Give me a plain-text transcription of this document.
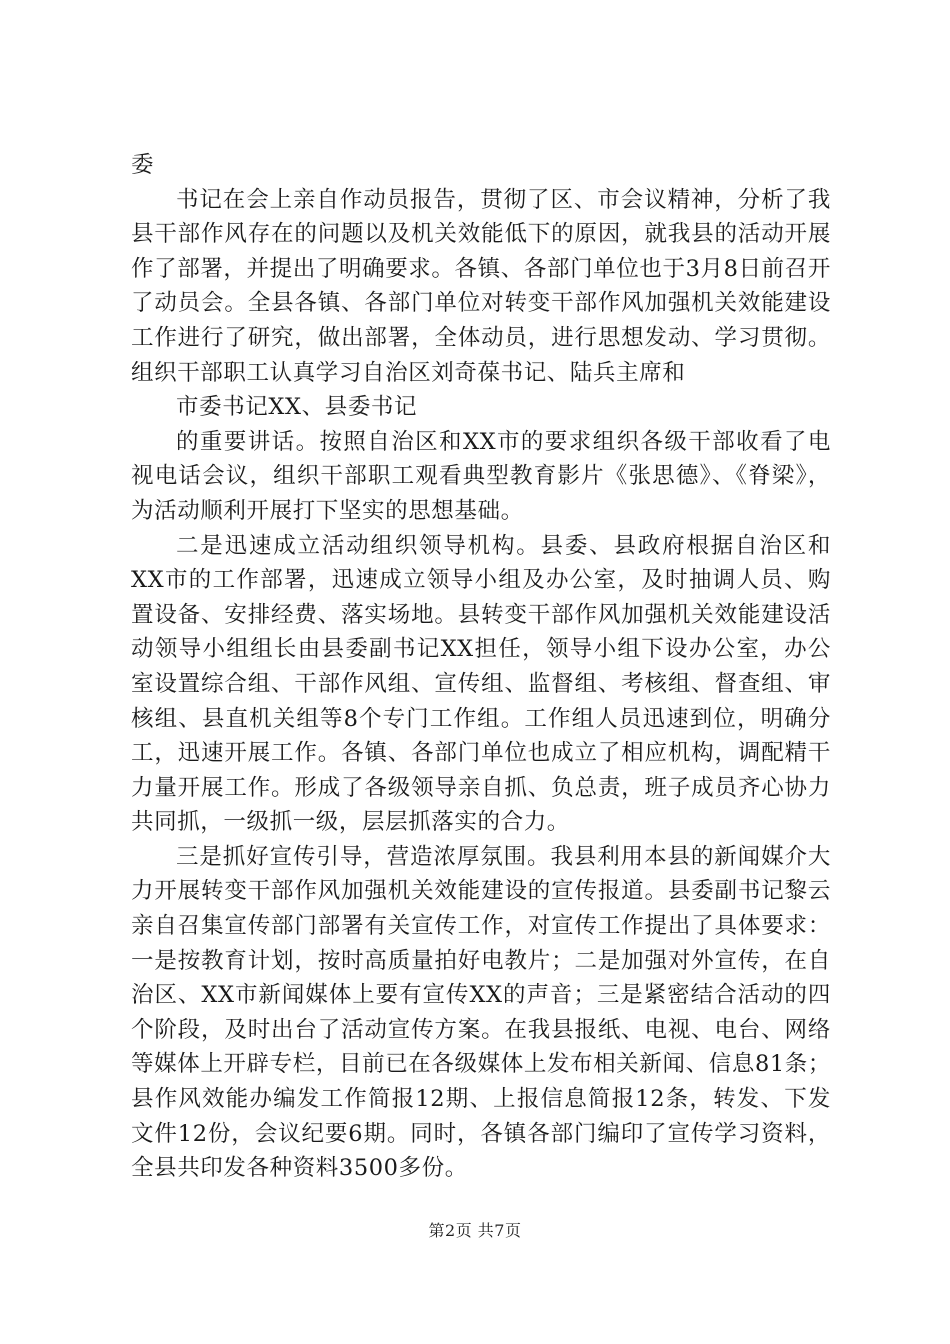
委

书记在会上亲自作动员报告，贯彻了区、市会议精神，分析了我县干部作风存在的问题以及机关效能低下的原因，就我县的活动开展作了部署，并提出了明确要求。各镇、各部门单位也于3月8日前召开了动员会。全县各镇、各部门单位对转变干部作风加强机关效能建设工作进行了研究，做出部署，全体动员，进行思想发动、学习贯彻。组织干部职工认真学习自治区刘奇葆书记、陆兵主席和

市委书记XX、县委书记

的重要讲话。按照自治区和XX市的要求组织各级干部收看了电视电话会议，组织干部职工观看典型教育影片《张思德》、《脊梁》，为活动顺利开展打下坚实的思想基础。

二是迅速成立活动组织领导机构。县委、县政府根据自治区和XX市的工作部署，迅速成立领导小组及办公室，及时抽调人员、购置设备、安排经费、落实场地。县转变干部作风加强机关效能建设活动领导小组组长由县委副书记XX担任，领导小组下设办公室，办公室设置综合组、干部作风组、宣传组、监督组、考核组、督查组、审核组、县直机关组等8个专门工作组。工作组人员迅速到位，明确分工，迅速开展工作。各镇、各部门单位也成立了相应机构，调配精干力量开展工作。形成了各级领导亲自抓、负总责，班子成员齐心协力共同抓，一级抓一级，层层抓落实的合力。

三是抓好宣传引导，营造浓厚氛围。我县利用本县的新闻媒介大力开展转变干部作风加强机关效能建设的宣传报道。县委副书记黎云亲自召集宣传部门部署有关宣传工作，对宣传工作提出了具体要求：一是按教育计划，按时高质量拍好电教片；二是加强对外宣传，在自治区、XX市新闻媒体上要有宣传XX的声音；三是紧密结合活动的四个阶段，及时出台了活动宣传方案。在我县报纸、电视、电台、网络等媒体上开辟专栏，目前已在各级媒体上发布相关新闻、信息81条；县作风效能办编发工作简报12期、上报信息简报12条，转发、下发文件12份，会议纪要6期。同时，各镇各部门编印了宣传学习资料，全县共印发各种资料3500多份。

第2页 共7页
